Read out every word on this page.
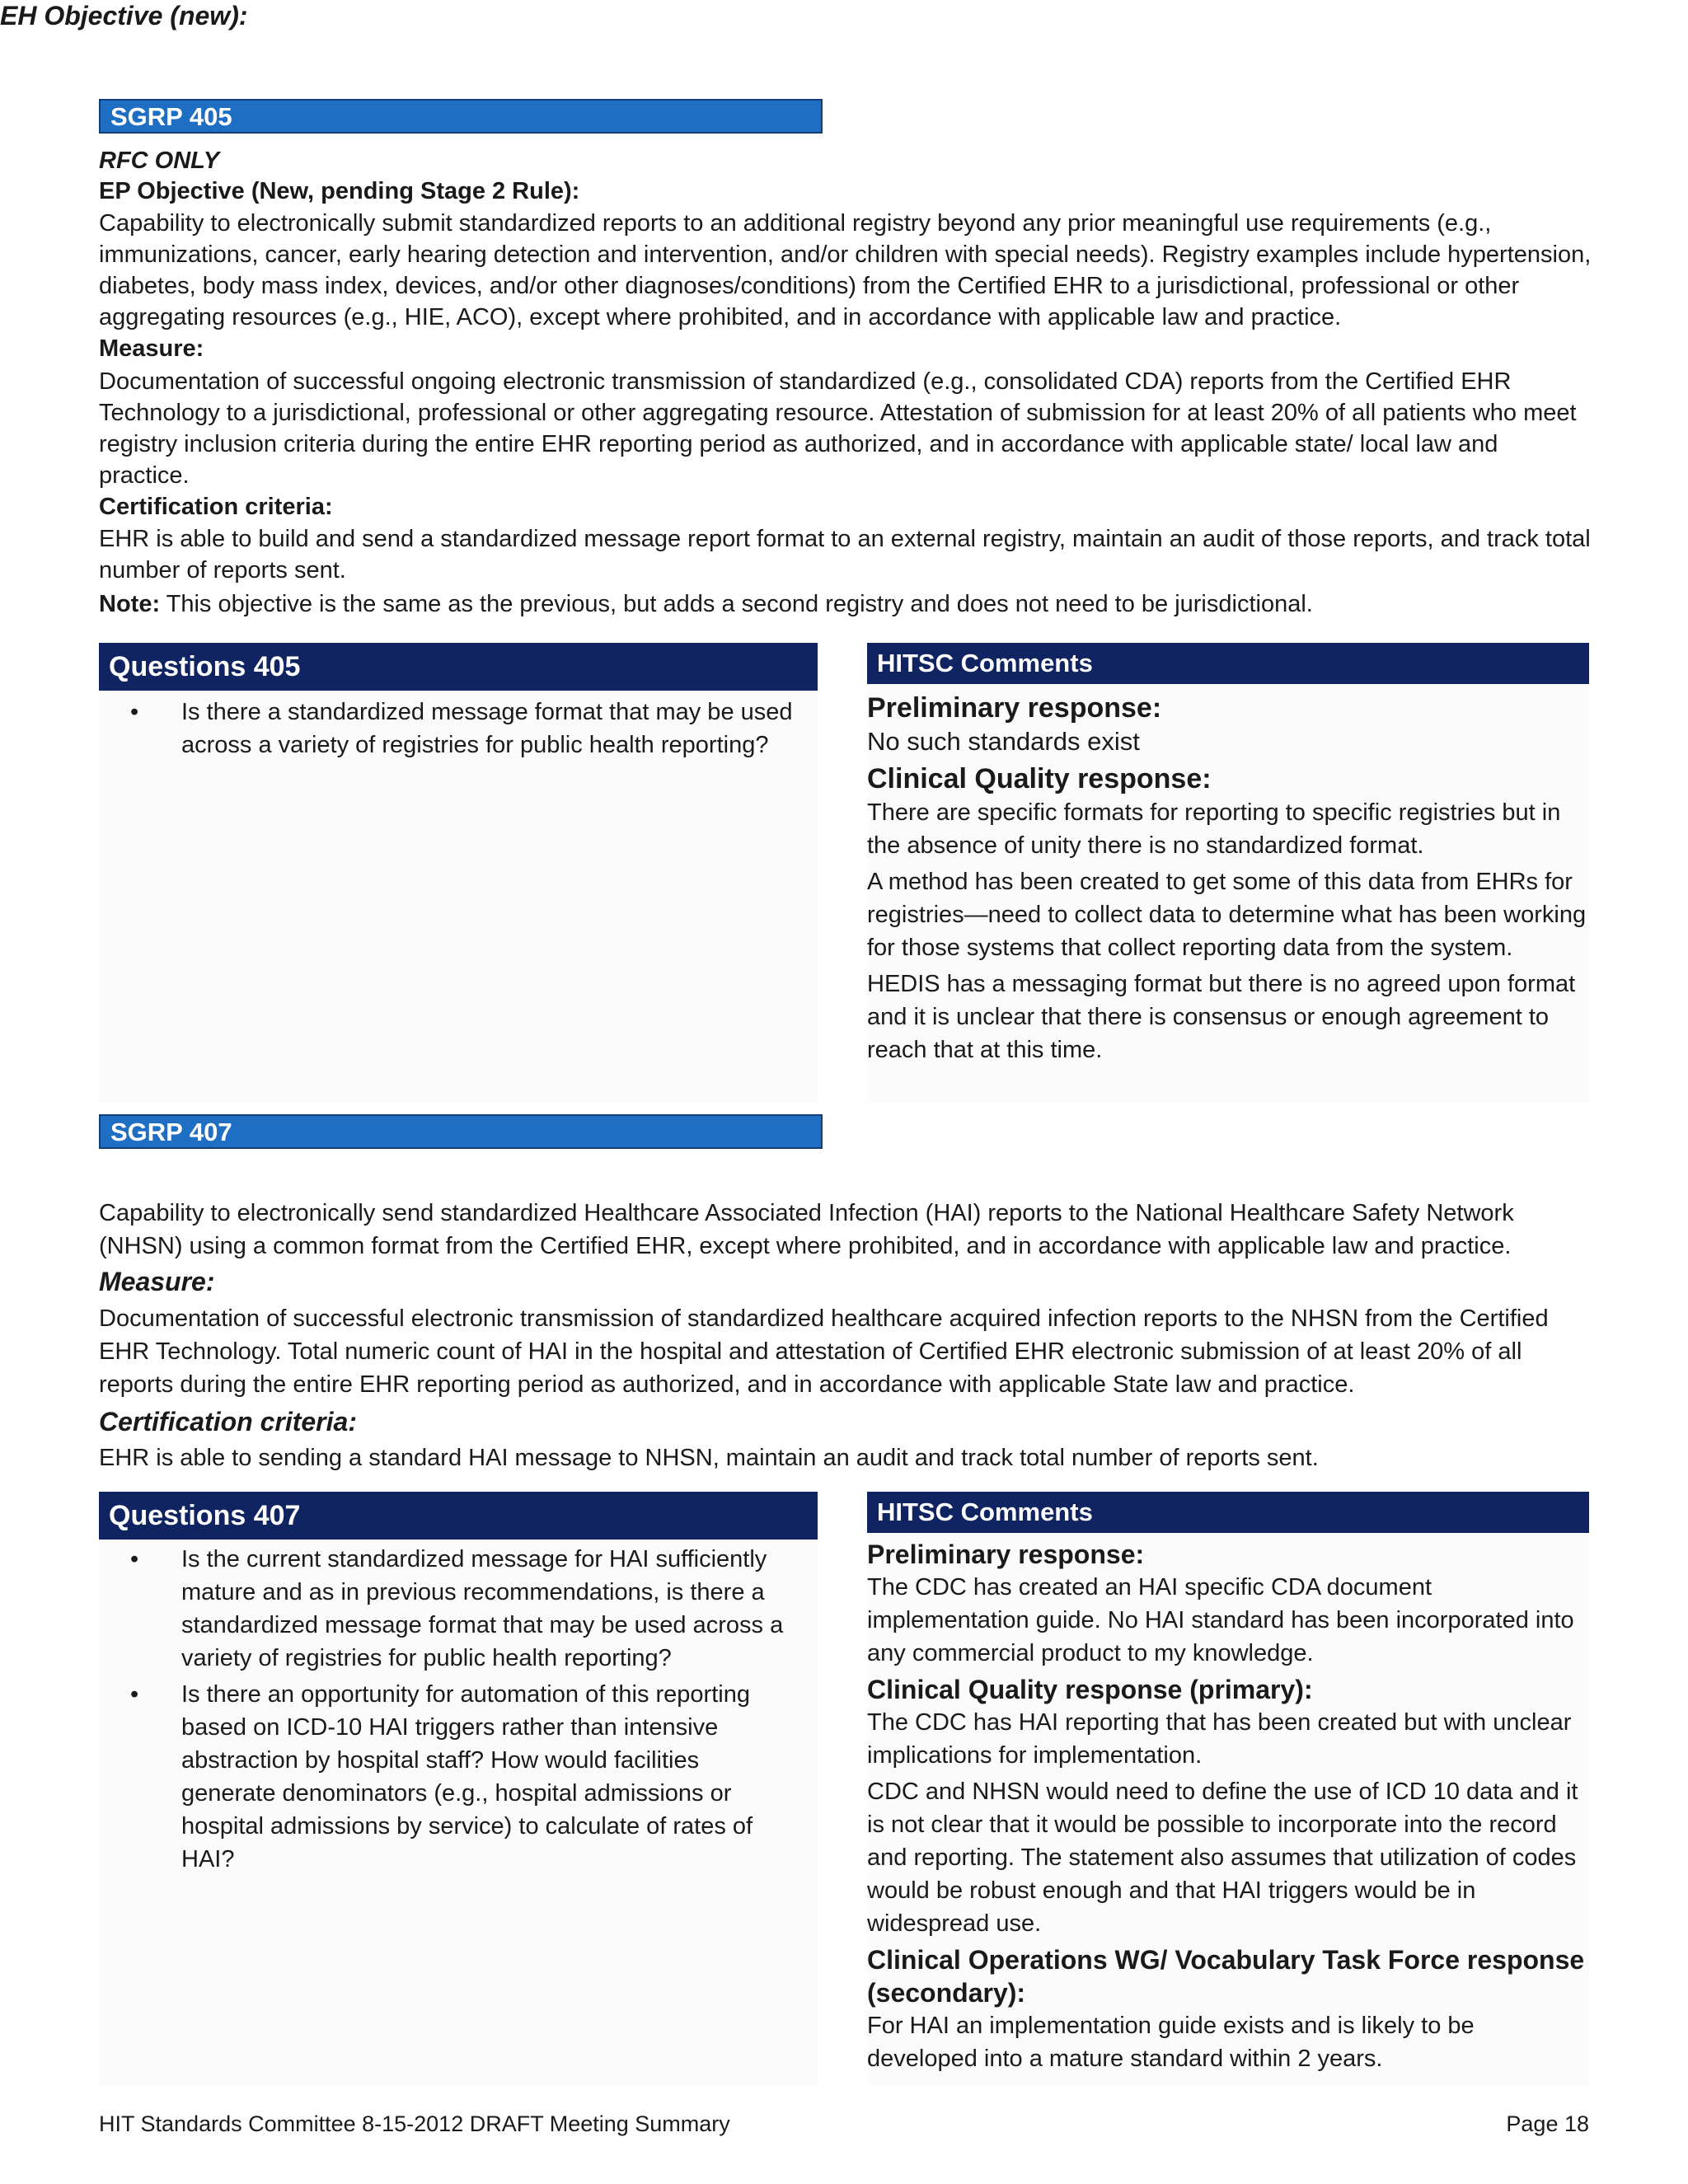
SGRP 405
RFC ONLY
EP Objective (New, pending Stage 2 Rule):
Capability to electronically submit standardized reports to an additional registry beyond any prior meaningful use requirements (e.g., immunizations, cancer, early hearing detection and intervention, and/or children with special needs). Registry examples include hypertension, diabetes, body mass index, devices, and/or other diagnoses/conditions) from the Certified EHR to a jurisdictional, professional or other aggregating resources (e.g., HIE, ACO), except where prohibited, and in accordance with applicable law and practice.
Measure:
Documentation of successful ongoing electronic transmission of standardized (e.g., consolidated CDA) reports from the Certified EHR Technology to a jurisdictional, professional or other aggregating resource. Attestation of submission for at least 20% of all patients who meet registry inclusion criteria during the entire EHR reporting period as authorized, and in accordance with applicable state/ local law and practice.
Certification criteria:
EHR is able to build and send a standardized message report format to an external registry, maintain an audit of those reports, and track total number of reports sent.
Note: This objective is the same as the previous, but adds a second registry and does not need to be jurisdictional.
Questions 405
• Is there a standardized message format that may be used across a variety of registries for public health reporting?
HITSC Comments
Preliminary response:
No such standards exist
Clinical Quality response:
There are specific formats for reporting to specific registries but in the absence of unity there is no standardized format.
A method has been created to get some of this data from EHRs for registries—need to collect data to determine what has been working for those systems that collect reporting data from the system.
HEDIS has a messaging format but there is no agreed upon format and it is unclear that there is consensus or enough agreement to reach that at this time.
SGRP 407
EH Objective (new):
Capability to electronically send standardized Healthcare Associated Infection (HAI) reports to the National Healthcare Safety Network (NHSN) using a common format from the Certified EHR, except where prohibited, and in accordance with applicable law and practice.
Measure:
Documentation of successful electronic transmission of standardized healthcare acquired infection reports to the NHSN from the Certified EHR Technology. Total numeric count of HAI in the hospital and attestation of Certified EHR electronic submission of at least 20% of all reports during the entire EHR reporting period as authorized, and in accordance with applicable State law and practice.
Certification criteria:
EHR is able to sending a standard HAI message to NHSN, maintain an audit and track total number of reports sent.
Questions 407
• Is the current standardized message for HAI sufficiently mature and as in previous recommendations, is there a standardized message format that may be used across a variety of registries for public health reporting?
• Is there an opportunity for automation of this reporting based on ICD-10 HAI triggers rather than intensive abstraction by hospital staff? How would facilities generate denominators (e.g., hospital admissions or hospital admissions by service) to calculate of rates of HAI?
HITSC Comments
Preliminary response:
The CDC has created an HAI specific CDA document implementation guide. No HAI standard has been incorporated into any commercial product to my knowledge.
Clinical Quality response (primary):
The CDC has HAI reporting that has been created but with unclear implications for implementation.
CDC and NHSN would need to define the use of ICD 10 data and it is not clear that it would be possible to incorporate into the record and reporting. The statement also assumes that utilization of codes would be robust enough and that HAI triggers would be in widespread use.
Clinical Operations WG/ Vocabulary Task Force response (secondary):
For HAI an implementation guide exists and is likely to be developed into a mature standard within 2 years.
HIT Standards Committee 8-15-2012 DRAFT Meeting Summary	Page 18
